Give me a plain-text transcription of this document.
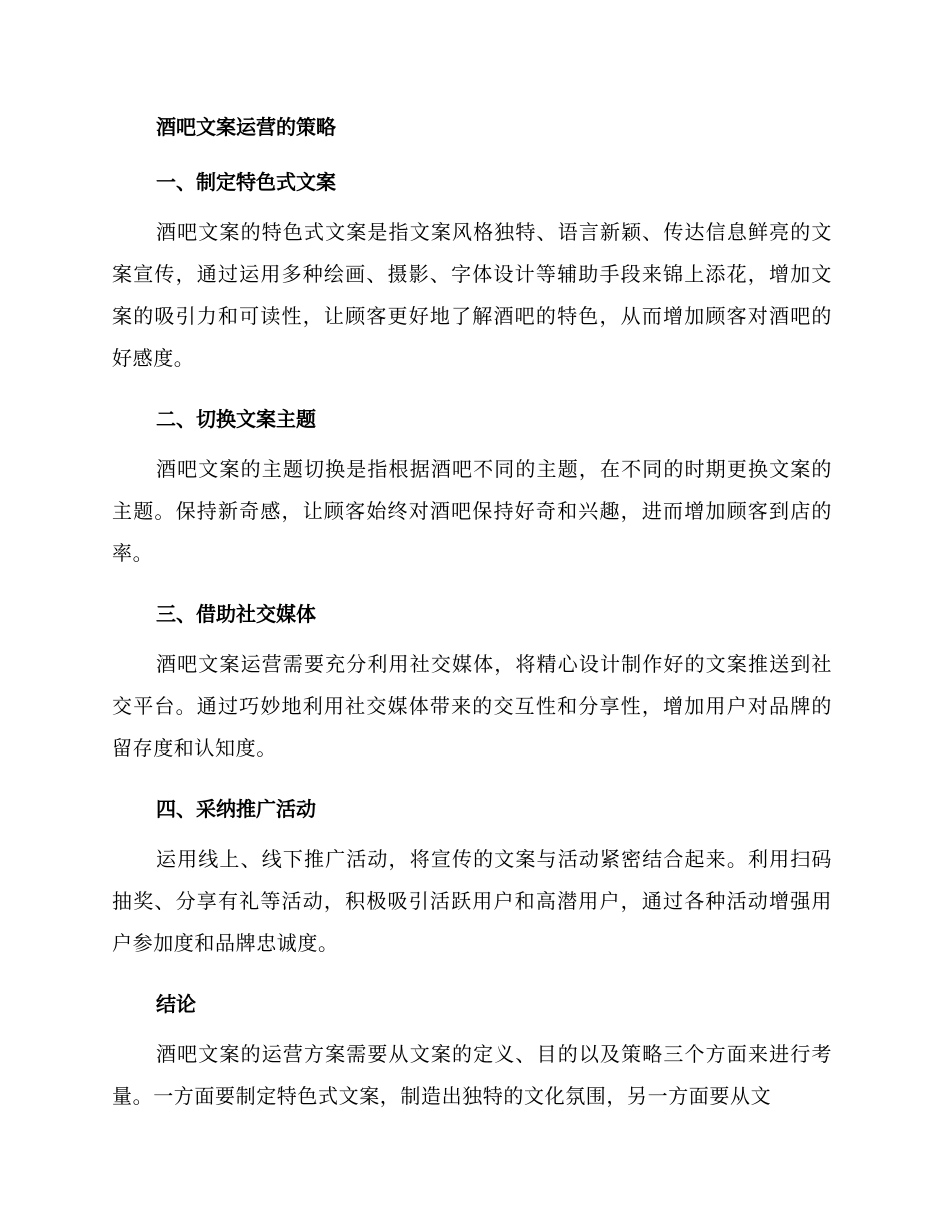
酒吧文案运营的策略
一、制定特色式文案

酒吧文案的特色式文案是指文案风格独特、语言新颖、传达信息鲜亮的文案宣传，通过运用多种绘画、摄影、字体设计等辅助手段来锦上添花，增加文案的吸引力和可读性，让顾客更好地了解酒吧的特色，从而增加顾客对酒吧的好感度。

二、切换文案主题

酒吧文案的主题切换是指根据酒吧不同的主题，在不同的时期更换文案的主题。保持新奇感，让顾客始终对酒吧保持好奇和兴趣，进而增加顾客到店的率。

三、借助社交媒体

酒吧文案运营需要充分利用社交媒体，将精心设计制作好的文案推送到社交平台。通过巧妙地利用社交媒体带来的交互性和分享性，增加用户对品牌的留存度和认知度。

四、采纳推广活动

运用线上、线下推广活动，将宣传的文案与活动紧密结合起来。利用扫码抽奖、分享有礼等活动，积极吸引活跃用户和高潜用户，通过各种活动增强用户参加度和品牌忠诚度。

结论

酒吧文案的运营方案需要从文案的定义、目的以及策略三个方面来进行考量。一方面要制定特色式文案，制造出独特的文化氛围，另一方面要从文
